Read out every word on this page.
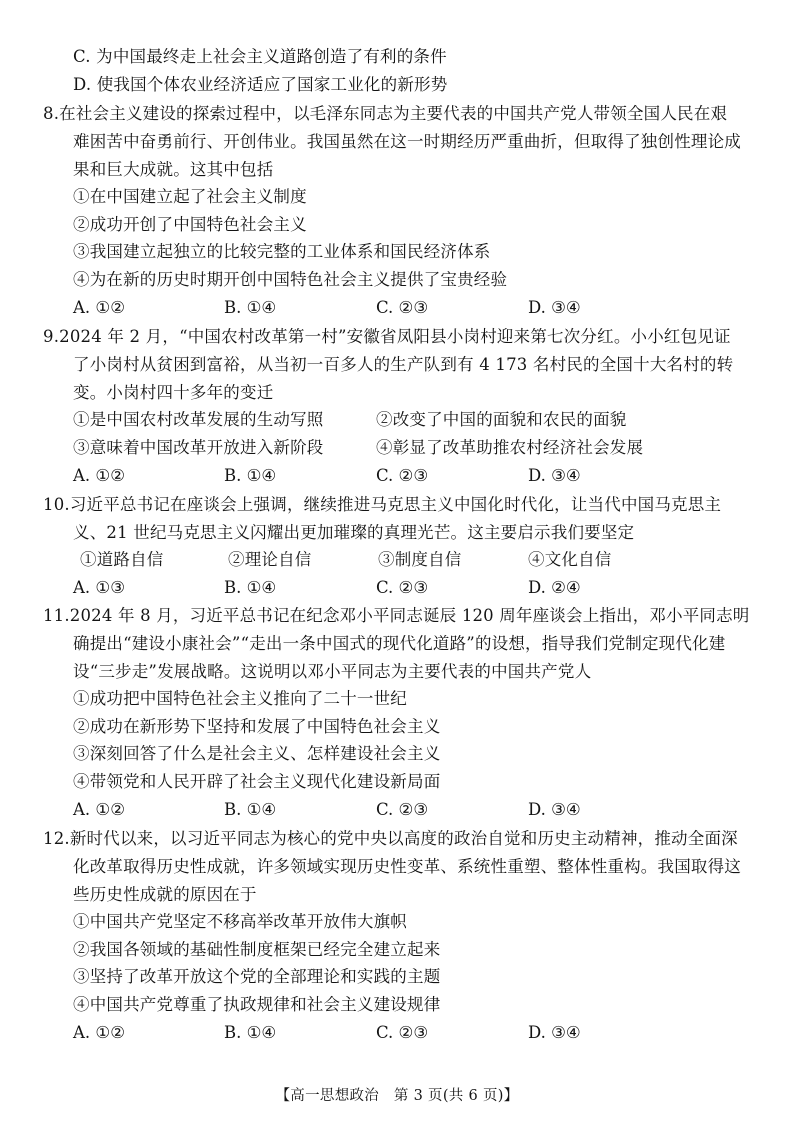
C. 为中国最终走上社会主义道路创造了有利的条件
D. 使我国个体农业经济适应了国家工业化的新形势
8.在社会主义建设的探索过程中，以毛泽东同志为主要代表的中国共产党人带领全国人民在艰
难困苦中奋勇前行、开创伟业。我国虽然在这一时期经历严重曲折，但取得了独创性理论成
果和巨大成就。这其中包括
①在中国建立起了社会主义制度
②成功开创了中国特色社会主义
③我国建立起独立的比较完整的工业体系和国民经济体系
④为在新的历史时期开创中国特色社会主义提供了宝贵经验
A. ①②	B. ①④	C. ②③	D. ③④
9.2024 年 2 月，“中国农村改革第一村”安徽省凤阳县小岗村迎来第七次分红。小小红包见证
了小岗村从贫困到富裕，从当初一百多人的生产队到有 4 173 名村民的全国十大名村的转
变。小岗村四十多年的变迁
①是中国农村改革发展的生动写照	②改变了中国的面貌和农民的面貌
③意味着中国改革开放进入新阶段	④彰显了改革助推农村经济社会发展
A. ①②	B. ①④	C. ②③	D. ③④
10.习近平总书记在座谈会上强调，继续推进马克思主义中国化时代化，让当代中国马克思主
义、21 世纪马克思主义闪耀出更加璀璨的真理光芒。这主要启示我们要坚定
①道路自信	②理论自信	③制度自信	④文化自信
A. ①③	B. ①④	C. ②③	D. ②④
11.2024 年 8 月，习近平总书记在纪念邓小平同志诞辰 120 周年座谈会上指出，邓小平同志明
确提出“建设小康社会”“走出一条中国式的现代化道路”的设想，指导我们党制定现代化建
设“三步走”发展战略。这说明以邓小平同志为主要代表的中国共产党人
①成功把中国特色社会主义推向了二十一世纪
②成功在新形势下坚持和发展了中国特色社会主义
③深刻回答了什么是社会主义、怎样建设社会主义
④带领党和人民开辟了社会主义现代化建设新局面
A. ①②	B. ①④	C. ②③	D. ③④
12.新时代以来，以习近平同志为核心的党中央以高度的政治自觉和历史主动精神，推动全面深
化改革取得历史性成就，许多领域实现历史性变革、系统性重塑、整体性重构。我国取得这
些历史性成就的原因在于
①中国共产党坚定不移高举改革开放伟大旗帜
②我国各领域的基础性制度框架已经完全建立起来
③坚持了改革开放这个党的全部理论和实践的主题
④中国共产党尊重了执政规律和社会主义建设规律
A. ①②	B. ①④	C. ②③	D. ③④
【高一思想政治　第 3 页(共 6 页)】
